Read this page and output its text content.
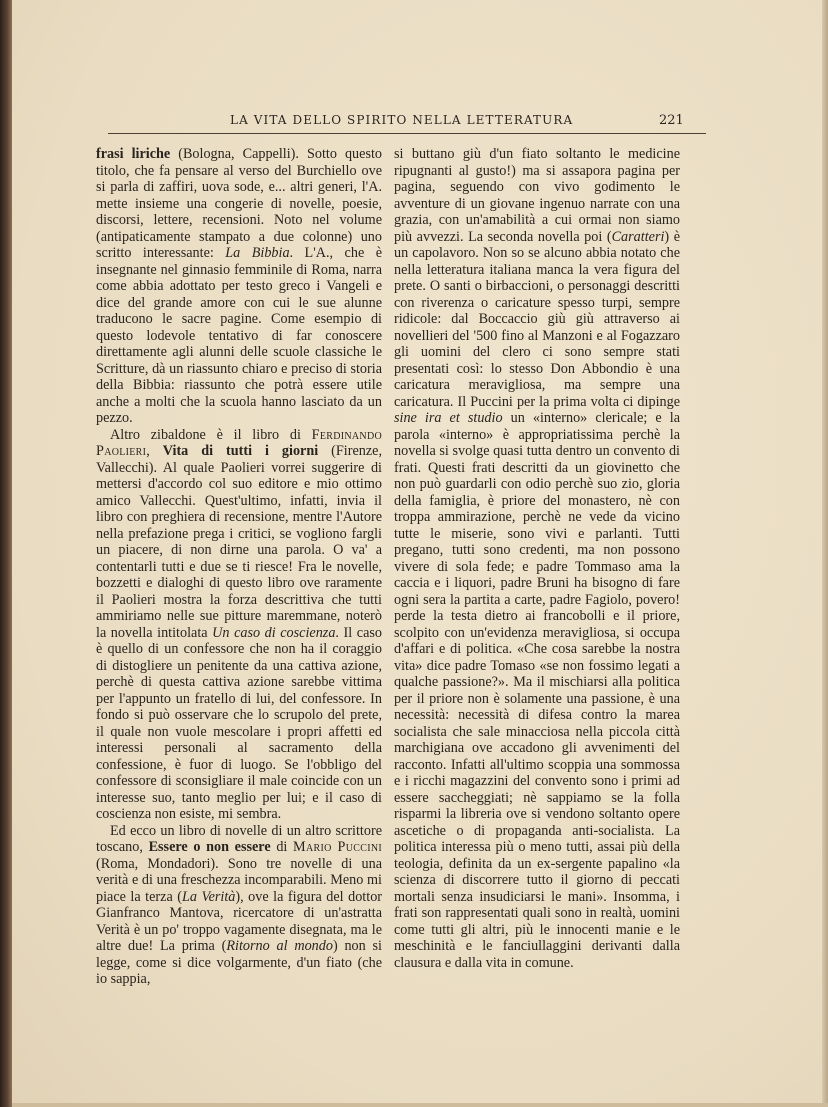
LA VITA DELLO SPIRITO NELLA LETTERATURA	221

frasi liriche (Bologna, Cappelli). Sotto questo titolo, che fa pensare al verso del Burchiello ove si parla di zaffiri, uova sode, e... altri generi, l'A. mette insieme una congerie di novelle, poesie, discorsi, lettere, recensioni. Noto nel volume (antipaticamente stampato a due colonne) uno scritto interessante: La Bibbia. L'A., che è insegnante nel ginnasio femminile di Roma, narra come abbia adottato per testo greco i Vangeli e dice del grande amore con cui le sue alunne traducono le sacre pagine. Come esempio di questo lodevole tentativo di far conoscere direttamente agli alunni delle scuole classiche le Scritture, dà un riassunto chiaro e preciso di storia della Bibbia: riassunto che potrà essere utile anche a molti che la scuola hanno lasciato da un pezzo.

Altro zibaldone è il libro di Ferdinando Paolieri, Vita di tutti i giorni (Firenze, Vallecchi). Al quale Paolieri vorrei suggerire di mettersi d'accordo col suo editore e mio ottimo amico Vallecchi. Quest'ultimo, infatti, invia il libro con preghiera di recensione, mentre l'Autore nella prefazione prega i critici, se vogliono fargli un piacere, di non dirne una parola. O va' a contentarli tutti e due se ti riesce! Fra le novelle, bozzetti e dialoghi di questo libro ove raramente il Paolieri mostra la forza descrittiva che tutti ammiriamo nelle sue pitture maremmane, noterò la novella intitolata Un caso di coscienza. Il caso è quello di un confessore che non ha il coraggio di distogliere un penitente da una cattiva azione, perchè di questa cattiva azione sarebbe vittima per l'appunto un fratello di lui, del confessore. In fondo si può osservare che lo scrupolo del prete, il quale non vuole mescolare i propri affetti ed interessi personali al sacramento della confessione, è fuor di luogo. Se l'obbligo del confessore di sconsigliare il male coincide con un interesse suo, tanto meglio per lui; e il caso di coscienza non esiste, mi sembra.

Ed ecco un libro di novelle di un altro scrittore toscano, Essere o non essere di Mario Puccini (Roma, Mondadori). Sono tre novelle di una verità e di una freschezza incomparabili. Meno mi piace la terza (La Verità), ove la figura del dottor Gianfranco Mantova, ricercatore di un'astratta Verità è un po' troppo vagamente disegnata, ma le altre due! La prima (Ritorno al mondo) non si legge, come si dice volgarmente, d'un fiato (che io sappia,

si buttano giù d'un fiato soltanto le medicine ripugnanti al gusto!) ma si assapora pagina per pagina, seguendo con vivo godimento le avventure di un giovane ingenuo narrate con una grazia, con un'amabilità a cui ormai non siamo più avvezzi. La seconda novella poi (Caratteri) è un capolavoro. Non so se alcuno abbia notato che nella letteratura italiana manca la vera figura del prete. O santi o birbaccioni, o personaggi descritti con riverenza o caricature spesso turpi, sempre ridicole: dal Boccaccio giù giù attraverso ai novellieri del '500 fino al Manzoni e al Fogazzaro gli uomini del clero ci sono sempre stati presentati così: lo stesso Don Abbondio è una caricatura meravigliosa, ma sempre una caricatura. Il Puccini per la prima volta ci dipinge sine ira et studio un «interno» clericale; e la parola «interno» è appropriatissima perchè la novella si svolge quasi tutta dentro un convento di frati. Questi frati descritti da un giovinetto che non può guardarli con odio perchè suo zio, gloria della famiglia, è priore del monastero, nè con troppa ammirazione, perchè ne vede da vicino tutte le miserie, sono vivi e parlanti. Tutti pregano, tutti sono credenti, ma non possono vivere di sola fede; e padre Tommaso ama la caccia e i liquori, padre Bruni ha bisogno di fare ogni sera la partita a carte, padre Fagiolo, povero! perde la testa dietro ai francobolli e il priore, scolpito con un'evidenza meravigliosa, si occupa d'affari e di politica. «Che cosa sarebbe la nostra vita» dice padre Tomaso «se non fossimo legati a qualche passione?». Ma il mischiarsi alla politica per il priore non è solamente una passione, è una necessità: necessità di difesa contro la marea socialista che sale minacciosa nella piccola città marchigiana ove accadono gli avvenimenti del racconto. Infatti all'ultimo scoppia una sommossa e i ricchi magazzini del convento sono i primi ad essere saccheggiati; nè sappiamo se la folla risparmi la libreria ove si vendono soltanto opere ascetiche o di propaganda anti-socialista. La politica interessa più o meno tutti, assai più della teologia, definita da un ex-sergente papalino «la scienza di discorrere tutto il giorno di peccati mortali senza insudiciarsi le mani». Insomma, i frati son rappresentati quali sono in realtà, uomini come tutti gli altri, più le innocenti manie e le meschinità e le fanciullaggini derivanti dalla clausura e dalla vita in comune.
